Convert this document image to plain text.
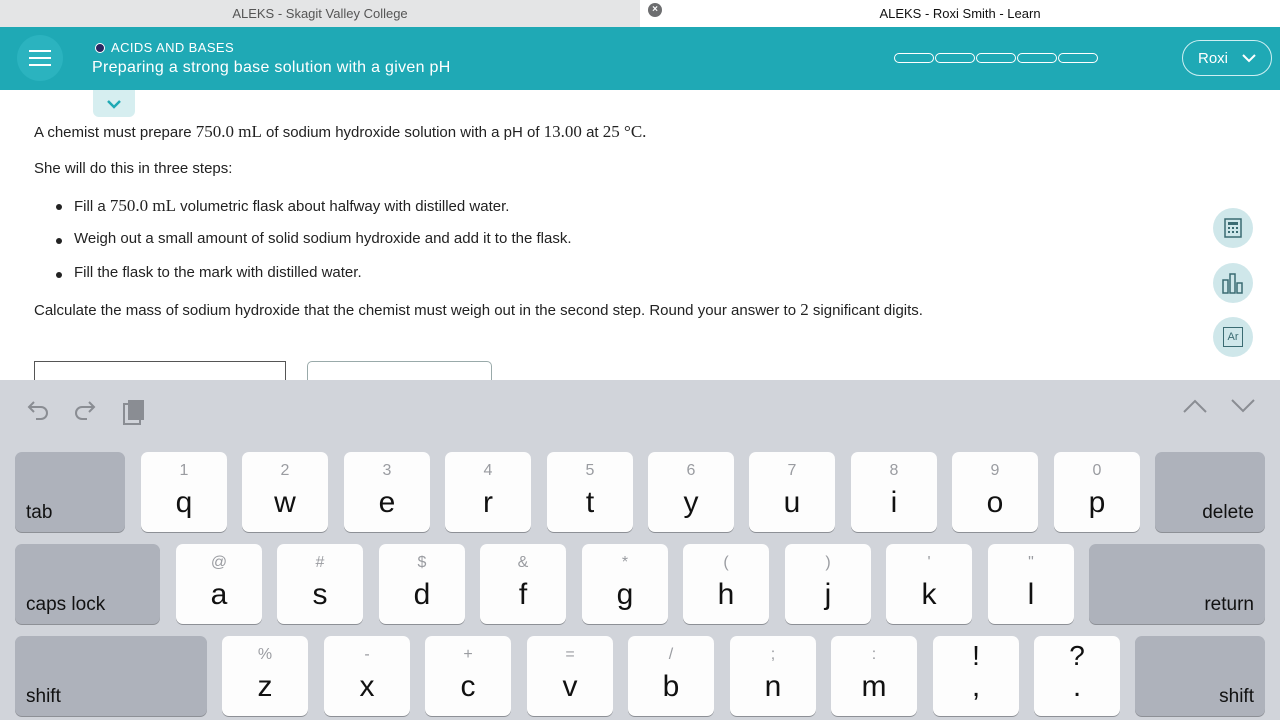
ALEKS - Skagit Valley College	×	ALEKS - Roxi Smith - Learn
ACIDS AND BASES
Preparing a strong base solution with a given pH
Roxi
A chemist must prepare 750.0 mL of sodium hydroxide solution with a pH of 13.00 at 25 °C.
She will do this in three steps:
Fill a 750.0 mL volumetric flask about halfway with distilled water.
Weigh out a small amount of solid sodium hydroxide and add it to the flask.
Fill the flask to the mark with distilled water.
Calculate the mass of sodium hydroxide that the chemist must weigh out in the second step. Round your answer to 2 significant digits.
Ar
tab
1
q
2
w
3
e
4
r
5
t
6
y
7
u
8
i
9
o
0
p	delete
caps lock
@
a
#
s
$
d
&
f
*
g
(
h
)
j
'
k
"
l	return
shift
%
z
-
x
+
c
=
v
/
b
;
n
:
m
!
,
?
.	shift
